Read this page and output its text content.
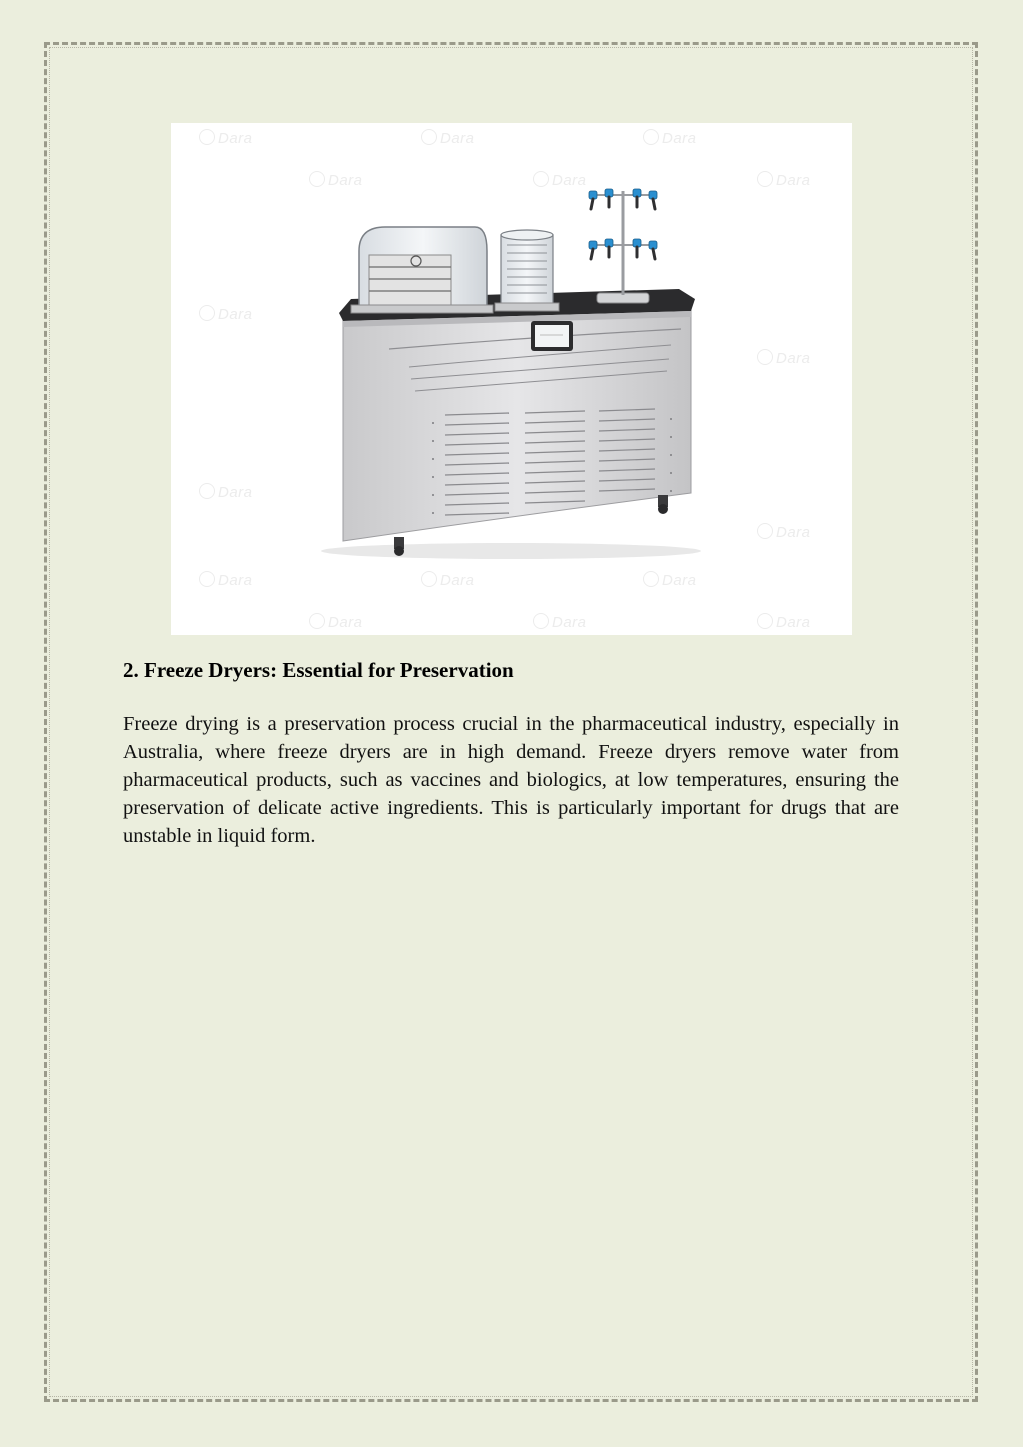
Dara	Dara	Dara
Dara	Dara	Dara
Dara
Dara
Dara
Dara
Dara	Dara	Dara
Dara	Dara	Dara
2. Freeze Dryers: Essential for Preservation

Freeze drying is a preservation process crucial in the pharmaceutical industry, especially in Australia, where freeze dryers are in high demand. Freeze dryers remove water from pharmaceutical products, such as vaccines and biologics, at low temperatures, ensuring the preservation of delicate active ingredients. This is particularly important for drugs that are unstable in liquid form.
